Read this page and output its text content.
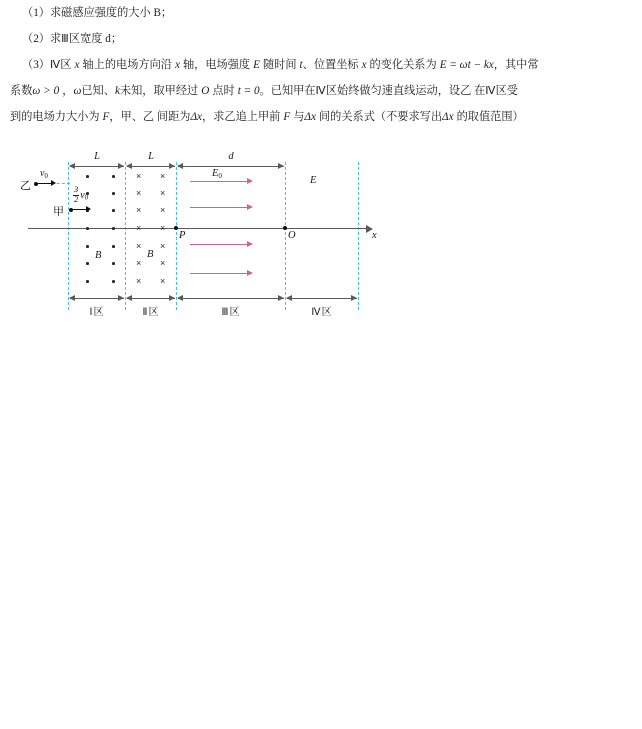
（1）求磁感应强度的大小 B；
（2）求Ⅲ区宽度 d；
（3）Ⅳ区 x 轴上的电场方向沿 x 轴，电场强度 E 随时间 t、位置坐标 x 的变化关系为 E = ωt − kx，其中常
系数ω > 0 ，ω已知、k未知，取甲经过 O 点时 t = 0。已知甲在Ⅳ区始终做匀速直线运动，设乙 在Ⅳ区受
到的电场力大小为 F，甲、乙 间距为Δx，求乙追上甲前 F 与Δx 间的关系式（不要求写出Δx 的取值范围）
L	L	d
x
B
× ×
× ×
× ×
× ×
× ×
× ×
× ×
B
$E_0$	E
P	O
乙
$v_0$
甲
$\frac{3}{2} v_0$
Ⅰ区	Ⅱ区	Ⅲ区	Ⅳ区
